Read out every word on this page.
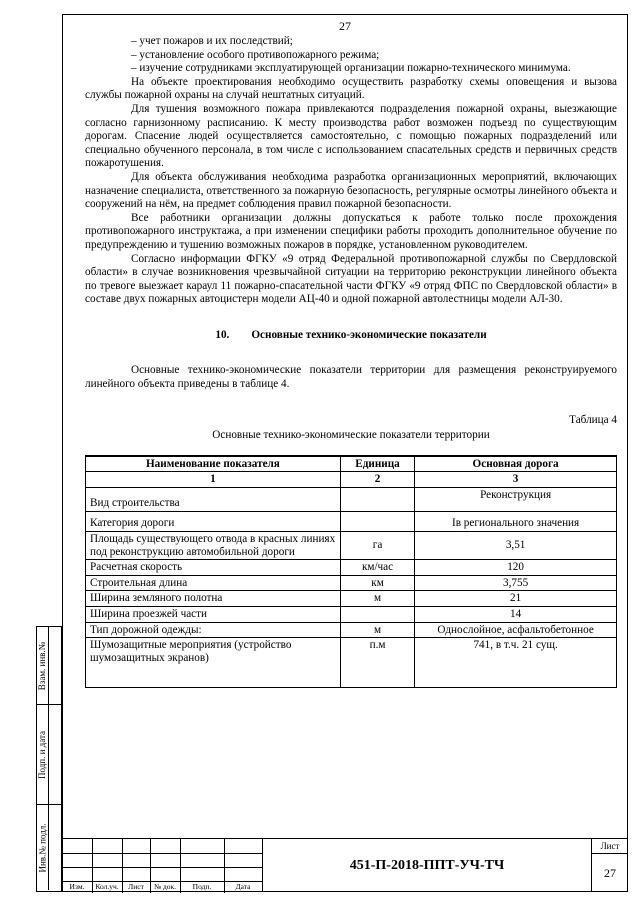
27

– учет пожаров и их последствий;

– установление особого противопожарного режима;

– изучение сотрудниками эксплуатирующей организации пожарно-технического минимума.

На объекте проектирования необходимо осуществить разработку схемы оповещения и вызова службы пожарной охраны на случай нештатных ситуаций.

Для тушения возможного пожара привлекаются подразделения пожарной охраны, выезжающие согласно гарнизонному расписанию. К месту производства работ возможен подъезд по существующим дорогам. Спасение людей осуществляется самостоятельно, с помощью пожарных подразделений или специально обученного персонала, в том числе с использованием спасательных средств и первичных средств пожаротушения.

Для объекта обслуживания необходима разработка организационных мероприятий, включающих назначение специалиста, ответственного за пожарную безопасность, регулярные осмотры линейного объекта и сооружений на нём, на предмет соблюдения правил пожарной безопасности.

Все работники организации должны допускаться к работе только после прохождения противопожарного инструктажа, а при изменении специфики работы проходить дополнительное обучение по предупреждению и тушению возможных пожаров в порядке, установленном руководителем.

Согласно информации ФГКУ «9 отряд Федеральной противопожарной службы по Свердловской области» в случае возникновения чрезвычайной ситуации на территорию реконструкции линейного объекта по тревоге выезжает караул 11 пожарно-спасательной части ФГКУ «9 отряд ФПС по Свердловской области» в составе двух пожарных автоцистерн модели АЦ-40 и одной пожарной автолестницы модели АЛ-30.

10. Основные технико-экономические показатели

Основные технико-экономические показатели территории для размещения реконструируемого линейного объекта приведены в таблице 4.

Таблица 4

Основные технико-экономические показатели территории

Наименование показателя	Единица	Основная дорога
1	2	3
Вид строительства		Реконструкция
Категория дороги		Iв регионального значения
Площадь существующего отвода в красных линиях под реконструкцию автомобильной дороги	га	3,51
Расчетная скорость	км/час	120
Строительная длина	км	3,755
Ширина земляного полотна	м	21
Ширина проезжей части		14
Тип дорожной одежды:	м	Однослойное, асфальтобетонное
Шумозащитные мероприятия (устройство шумозащитных экранов)	п.м	741, в т.ч. 21 сущ.
Взам. инв.№
Подп. и дата
Инв.№ подл.
Изм.	Кол.уч.	Лист	№ док.	Подп.	Дата
451-П-2018-ППТ-УЧ-ТЧ
Лист
27
